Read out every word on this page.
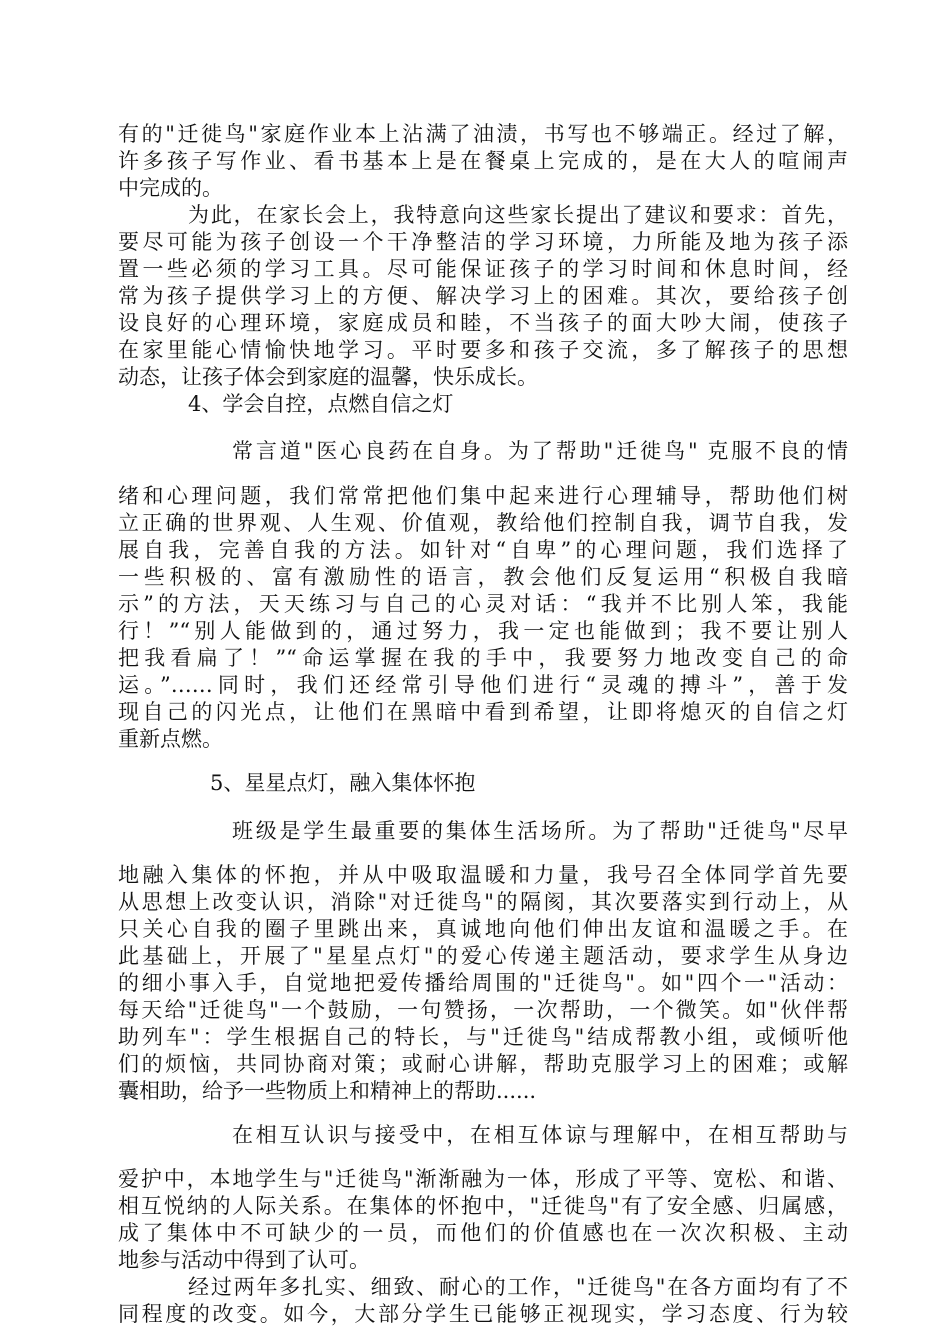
有的"迁徙鸟"家庭作业本上沾满了油渍，书写也不够端正。经过了解，
许多孩子写作业、看书基本上是在餐桌上完成的，是在大人的喧闹声
中完成的。
为此，在家长会上，我特意向这些家长提出了建议和要求：首先，
要尽可能为孩子创设一个干净整洁的学习环境，力所能及地为孩子添
置一些必须的学习工具。尽可能保证孩子的学习时间和休息时间，经
常为孩子提供学习上的方便、解决学习上的困难。其次，要给孩子创
设良好的心理环境，家庭成员和睦，不当孩子的面大吵大闹，使孩子
在家里能心情愉快地学习。平时要多和孩子交流，多了解孩子的思想
动态，让孩子体会到家庭的温馨，快乐成长。
4、学会自控，点燃自信之灯
常言道"医心良药在自身。为了帮助"迁徙鸟" 克服不良的情
绪和心理问题，我们常常把他们集中起来进行心理辅导，帮助他们树
立正确的世界观、人生观、价值观，教给他们控制自我，调节自我，发
展自我，完善自我的方法。如针对“自卑”的心理问题，我们选择了
一些积极的、富有激励性的语言，教会他们反复运用“积极自我暗
示”的方法，天天练习与自己的心灵对话：“我并不比别人笨，我能
行！”“别人能做到的，通过努力，我一定也能做到；我不要让别人
把我看扁了！”“命运掌握在我的手中，我要努力地改变自己的命
运。”……同时，我们还经常引导他们进行“灵魂的搏斗”，善于发
现自己的闪光点，让他们在黑暗中看到希望，让即将熄灭的自信之灯
重新点燃。
5、星星点灯，融入集体怀抱
班级是学生最重要的集体生活场所。为了帮助"迁徙鸟"尽早
地融入集体的怀抱，并从中吸取温暖和力量，我号召全体同学首先要
从思想上改变认识，消除"对迁徙鸟"的隔阂，其次要落实到行动上，从
只关心自我的圈子里跳出来，真诚地向他们伸出友谊和温暖之手。在
此基础上，开展了"星星点灯"的爱心传递主题活动，要求学生从身边
的细小事入手，自觉地把爱传播给周围的"迁徙鸟"。如"四个一"活动：
每天给"迁徙鸟"一个鼓励，一句赞扬，一次帮助，一个微笑。如"伙伴帮
助列车"：学生根据自己的特长，与"迁徙鸟"结成帮教小组，或倾听他
们的烦恼，共同协商对策；或耐心讲解，帮助克服学习上的困难；或解
囊相助，给予一些物质上和精神上的帮助......
在相互认识与接受中，在相互体谅与理解中，在相互帮助与
爱护中，本地学生与"迁徙鸟"渐渐融为一体，形成了平等、宽松、和谐、
相互悦纳的人际关系。在集体的怀抱中，"迁徙鸟"有了安全感、归属感，
成了集体中不可缺少的一员，而他们的价值感也在一次次积极、主动
地参与活动中得到了认可。
经过两年多扎实、细致、耐心的工作，"迁徙鸟"在各方面均有了不
同程度的改变。如今，大部分学生已能够正视现实，学习态度、行为较
